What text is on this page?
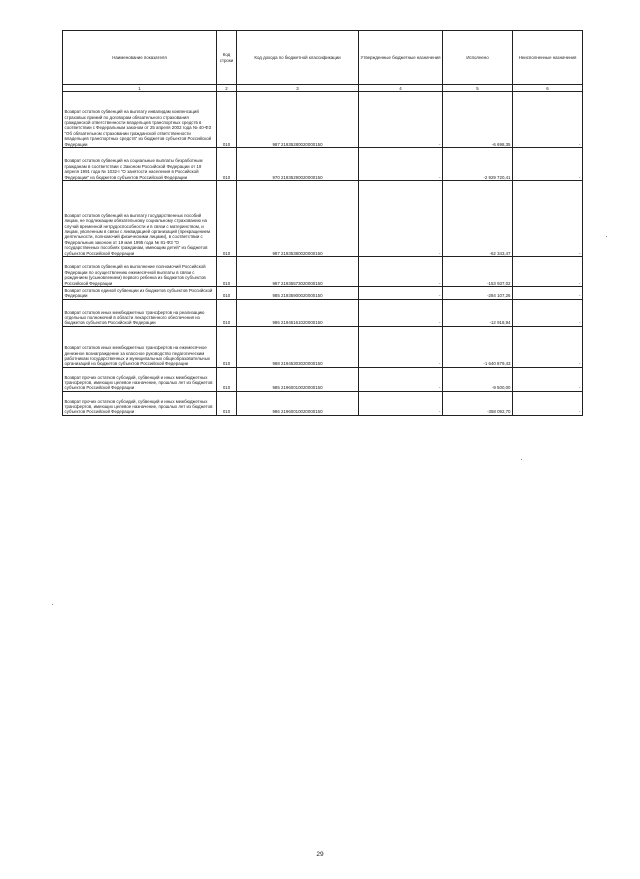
Наименование показателя	Код строки	Код дохода по бюджетной классификации	Утвержденные бюджетные назначения	Исполнено	Неисполненные назначения
1	2	3	4	5	6
Возврат остатков субвенций на выплату инвалидам компенсаций страховых премий по договорам обязательного страхования гражданской ответственности владельцев транспортных средств в соответствии с Федеральным законом от 25 апреля 2002 года № 40-ФЗ "Об обязательном страховании гражданской ответственности владельцев транспортных средств" из бюджетов субъектов Российской Федерации	010	987 21935280020000150	-	-6 698,35	-
Возврат остатков субвенций на социальные выплаты безработным гражданам в соответствии с Законом Российской Федерации от 19 апреля 1991 года № 1032-I "О занятости населения в Российской Федерации" из бюджетов субъектов Российской Федерации	010	970 21935290020000150	-	-2 929 720,41	-
Возврат остатков субвенций на выплату государственных пособий лицам, не подлежащим обязательному социальному страхованию на случай временной нетрудоспособности и в связи с материнством, и лицам, уволенным в связи с ликвидацией организаций (прекращением деятельности, полномочий физическими лицами), в соответствии с Федеральным законом от 19 мая 1995 года № 81-ФЗ "О государственных пособиях гражданам, имеющим детей" из бюджетов субъектов Российской Федерации	010	987 21935380020000150	-	-62 343,47	-
Возврат остатков субвенций на выполнение полномочий Российской Федерации по осуществлению ежемесячной выплаты в связи с рождением (усыновлением) первого ребенка из бюджетов субъектов Российской Федерации	010	987 21935573020000150	-	-153 937,02	-
Возврат остатков единой субвенции из бюджетов субъектов Российской Федерации	010	985 21935900020000150	-	-284 107,26	-
Возврат остатков иных межбюджетных трансфертов на реализацию отдельных полномочий в области лекарственного обеспечения из бюджетов субъектов Российской Федерации	010	986 21945161020000150	-	-12 918,94	-
Возврат остатков иных межбюджетных трансфертов на ежемесячное денежное вознаграждение за классное руководство педагогическим работникам государственных и муниципальных общеобразовательных организаций из бюджетов субъектов Российской Федерации	010	988 21945303020000150	-	-1 640 879,43	-
Возврат прочих остатков субсидий, субвенций и иных межбюджетных трансфертов, имеющих целевое назначение, прошлых лет из бюджетов субъектов Российской Федерации	010	985 21960010020000150	-	-9 500,00	-
Возврат прочих остатков субсидий, субвенций и иных межбюджетных трансфертов, имеющих целевое назначение, прошлых лет из бюджетов субъектов Российской Федерации	010	986 21960010020000150	-	-358 092,70	-
29
